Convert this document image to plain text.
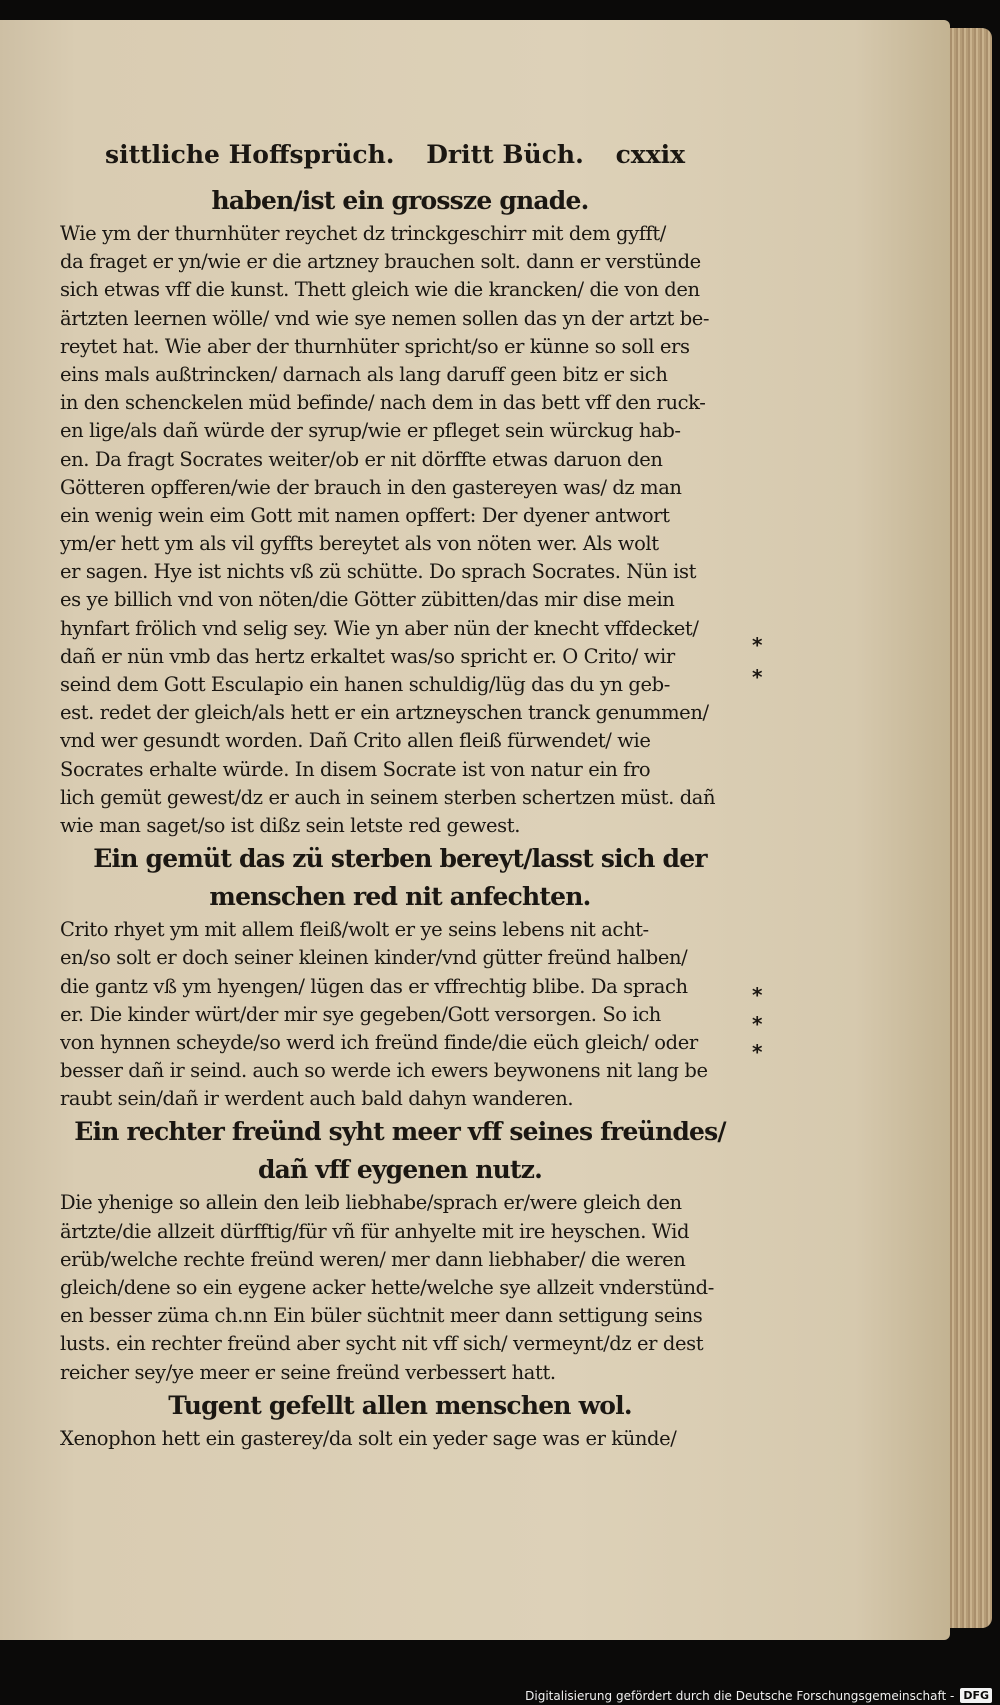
sittliche Hoffsprüch. Dritt Büch. cxxix
haben/ist ein grossze gnade.
Wie ym der thurnhüter reychet dz trinckgeschirr mit dem gyfft/
da fraget er yn/wie er die artzney brauchen solt. dann er verstünde
sich etwas vff die kunst. Thett gleich wie die krancken/ die von den
ärtzten leernen wölle/ vnd wie sye nemen sollen das yn der artzt be-
reytet hat. Wie aber der thurnhüter spricht/so er künne so soll ers
eins mals außtrincken/ darnach als lang daruff geen bitz er sich
in den schenckelen müd befinde/ nach dem in das bett vff den ruck-
en lige/als dañ würde der syrup/wie er pfleget sein würckug hab-
en. Da fragt Socrates weiter/ob er nit dörffte etwas daruon den
Götteren opfferen/wie der brauch in den gastereyen was/ dz man
ein wenig wein eim Gott mit namen opffert: Der dyener antwort
ym/er hett ym als vil gyffts bereytet als von nöten wer. Als wolt
er sagen. Hye ist nichts vß zü schütte. Do sprach Socrates. Nün ist
es ye billich vnd von nöten/die Götter zübitten/das mir dise mein
hynfart frölich vnd selig sey. Wie yn aber nün der knecht vffdecket/
dañ er nün vmb das hertz erkaltet was/so spricht er. O Crito/ wir
seind dem Gott Esculapio ein hanen schuldig/lüg das du yn geb-
est. redet der gleich/als hett er ein artzneyschen tranck genummen/
vnd wer gesundt worden. Dañ Crito allen fleiß fürwendet/ wie
Socrates erhalte würde. In disem Socrate ist von natur ein fro
lich gemüt gewest/dz er auch in seinem sterben schertzen müst. dañ
wie man saget/so ist dißz sein letste red gewest.
Ein gemüt das zü sterben bereyt/lasst sich der
menschen red nit anfechten.
Crito rhyet ym mit allem fleiß/wolt er ye seins lebens nit acht-
en/so solt er doch seiner kleinen kinder/vnd gütter freünd halben/
die gantz vß ym hyengen/ lügen das er vffrechtig blibe. Da sprach
er. Die kinder würt/der mir sye gegeben/Gott versorgen. So ich
von hynnen scheyde/so werd ich freünd finde/die eüch gleich/ oder
besser dañ ir seind. auch so werde ich ewers beywonens nit lang be
raubt sein/dañ ir werdent auch bald dahyn wanderen.
Ein rechter freünd syht meer vff seines freündes/
dañ vff eygenen nutz.
Die yhenige so allein den leib liebhabe/sprach er/were gleich den
ärtzte/die allzeit dürfftig/für vñ für anhyelte mit ire heyschen. Wid
erüb/welche rechte freünd weren/ mer dann liebhaber/ die weren
gleich/dene so ein eygene acker hette/welche sye allzeit vnderstünd-
en besser züma ch.nn Ein büler süchtnit meer dann settigung seins
lusts. ein rechter freünd aber sycht nit vff sich/ vermeynt/dz er dest
reicher sey/ye meer er seine freünd verbessert hatt.
Tugent gefellt allen menschen wol.
Xenophon hett ein gasterey/da solt ein yeder sage was er künde/
*
*
*
*
*
Digitalisierung gefördert durch die Deutsche Forschungsgemeinschaft - DFG
